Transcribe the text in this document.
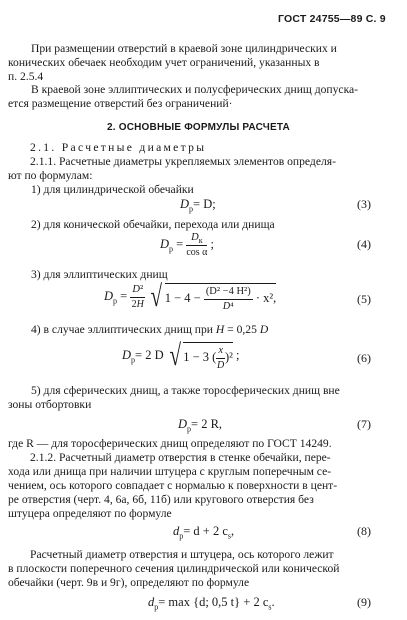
ГОСТ 24755—89 С. 9
При размещении отверстий в краевой зоне цилиндрических и
конических обечаек необходим учет ограничений, указанных в
п. 2.5.4
В краевой зоне эллиптических и полусферических днищ допуска-
ется размещение отверстий без ограничений·
2. ОСНОВНЫЕ ФОРМУЛЫ РАСЧЕТА
2.1. Расчетные диаметры
2.1.1. Расчетные диаметры укрепляемых элементов определя-
ют по формулам:
1) для цилиндрической обечайки
$D_р= D$;	(3)
2) для конической обечайки, перехода или днища
$D_р = \frac{D_к}{\text{cos α}}$ ;	(4)
3) для эллиптических днищ
$D_р = \frac{\text{D²}}{2H} √1 - 4 - \frac{\text{(D² −4 H²)}}{\text{D⁴}} \cdot x^2$,	(5)
4) в случае эллиптических днищ при H = 0,25 D
$D_р= 2$ D √ 1 − 3 ( $\frac{x}{D} )^2$ ;	(6)
5) для сферических днищ, а также торосферических днищ вне
зоны отбортовки
$D_р= 2$ R,	(7)
где R — для торосферических днищ определяют по ГОСТ 14249.
2.1.2. Расчетный диаметр отверстия в стенке обечайки, пере-
хода или днища при наличии штуцера с круглым поперечным се-
чением, ось которого совпадает с нормалью к поверхности в цент-
ре отверстия (черт. 4, 6а, 6б, 11б) или кругового отверстия без
штуцера определяют по формуле
$d_р= d + 2$ $c_s$,	(8)
Расчетный диаметр отверстия и штуцера, ось которого лежит
в плоскости поперечного сечения цилиндрической или конической
обечайки (черт. 9в и 9г), определяют по формуле
$d_р= \max \{d$; 0,5 t} + 2 $c_s$.	(9)
